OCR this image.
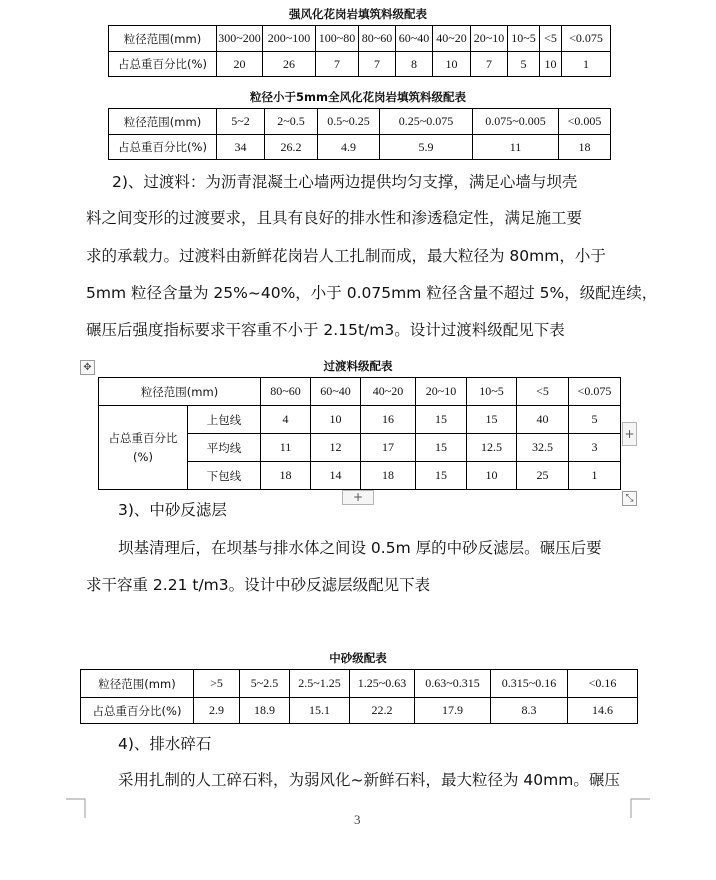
强风化花岗岩填筑料级配表
粒径范围(mm)	300~200	200~100	100~80	80~60	60~40	40~20	20~10	10~5	<5	<0.075
占总重百分比(%)	20	26	7	7	8	10	7	5	10	1
粒径小于5mm全风化花岗岩填筑料级配表
粒径范围(mm)	5~2	2~0.5	0.5~0.25	0.25~0.075	0.075~0.005	<0.005
占总重百分比(%)	34	26.2	4.9	5.9	11	18
2)、过渡料：为沥青混凝土心墙两边提供均匀支撑，满足心墙与坝壳
料之间变形的过渡要求，且具有良好的排水性和渗透稳定性，满足施工要
求的承载力。过渡料由新鲜花岗岩人工扎制而成，最大粒径为 80mm，小于
5mm 粒径含量为 25%~40%，小于 0.075mm 粒径含量不超过 5%，级配连续，
碾压后强度指标要求干容重不小于 2.15t/m3。设计过渡料级配见下表
✥	过渡料级配表
粒径范围(mm)		80~60	60~40	40~20	20~10	10~5	<5	<0.075
占总重百分比(%)	上包线	4	10	16	15	15	40	5
	平均线	11	12	17	15	12.5	32.5	3
	下包线	18	14	18	15	10	25	1
+
+	⤡
3)、中砂反滤层
坝基清理后，在坝基与排水体之间设 0.5m 厚的中砂反滤层。碾压后要
求干容重 2.21 t/m3。设计中砂反滤层级配见下表
中砂级配表
粒径范围(mm)	>5	5~2.5	2.5~1.25	1.25~0.63	0.63~0.315	0.315~0.16	<0.16
占总重百分比(%)	2.9	18.9	15.1	22.2	17.9	8.3	14.6
4)、排水碎石
采用扎制的人工碎石料，为弱风化~新鲜石料，最大粒径为 40mm。碾压
3
